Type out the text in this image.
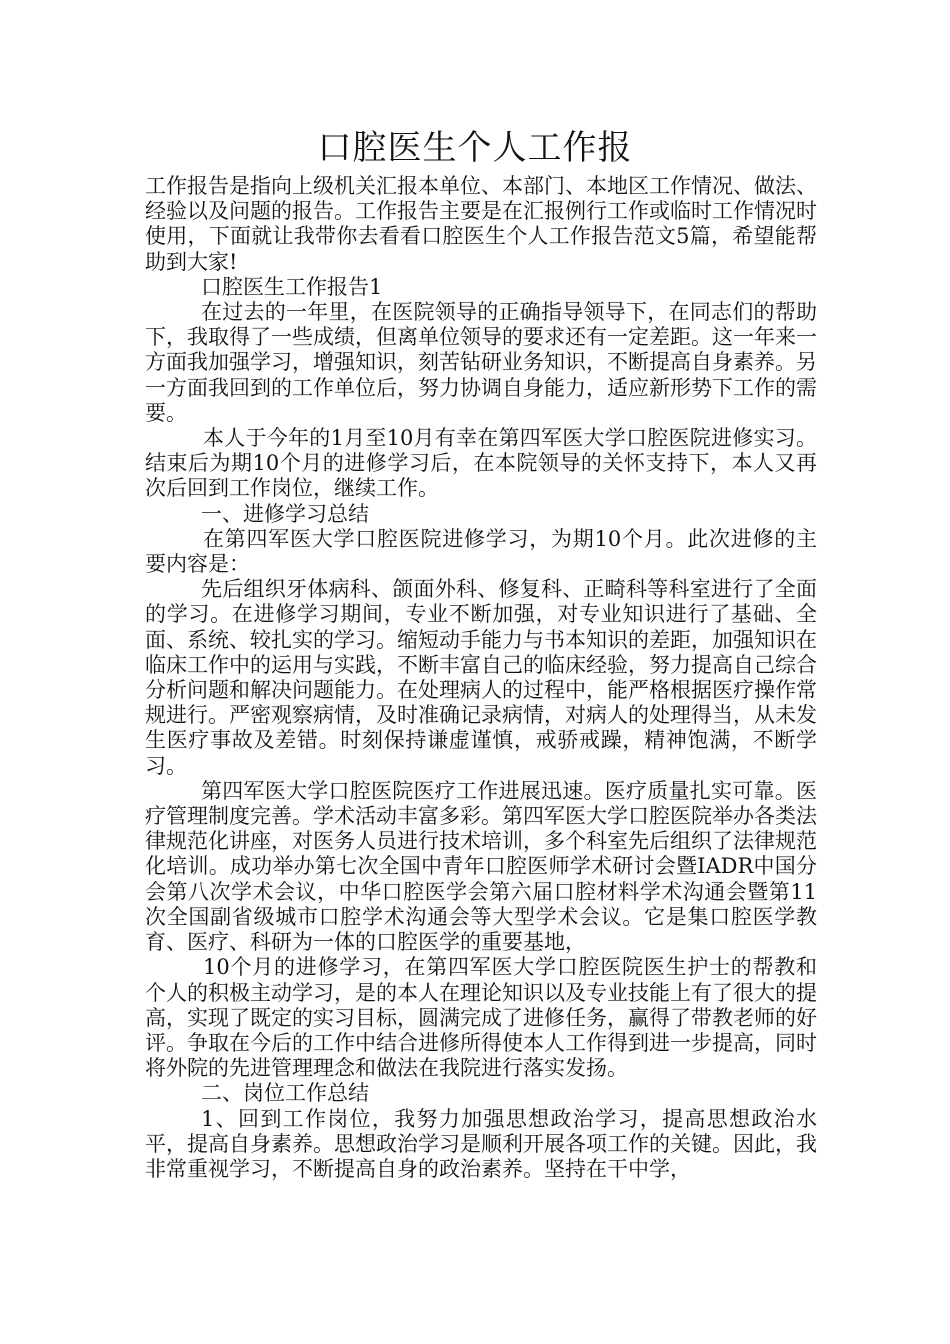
口腔医生个人工作报

工作报告是指向上级机关汇报本单位、本部门、本地区工作情况、做法、经验以及问题的报告。工作报告主要是在汇报例行工作或临时工作情况时使用，下面就让我带你去看看口腔医生个人工作报告范文5篇，希望能帮助到大家!

口腔医生工作报告1

在过去的一年里，在医院领导的正确指导领导下，在同志们的帮助下，我取得了一些成绩，但离单位领导的要求还有一定差距。这一年来一方面我加强学习，增强知识，刻苦钻研业务知识，不断提高自身素养。另一方面我回到的工作单位后，努力协调自身能力，适应新形势下工作的需要。

本人于今年的1月至10月有幸在第四军医大学口腔医院进修实习。结束后为期10个月的进修学习后，在本院领导的关怀支持下，本人又再次后回到工作岗位，继续工作。

一、进修学习总结

在第四军医大学口腔医院进修学习，为期10个月。此次进修的主要内容是：

先后组织牙体病科、颌面外科、修复科、正畸科等科室进行了全面的学习。在进修学习期间，专业不断加强，对专业知识进行了基础、全面、系统、较扎实的学习。缩短动手能力与书本知识的差距，加强知识在临床工作中的运用与实践，不断丰富自己的临床经验，努力提高自己综合分析问题和解决问题能力。在处理病人的过程中，能严格根据医疗操作常规进行。严密观察病情，及时准确记录病情，对病人的处理得当，从未发生医疗事故及差错。时刻保持谦虚谨慎，戒骄戒躁，精神饱满，不断学习。

第四军医大学口腔医院医疗工作进展迅速。医疗质量扎实可靠。医疗管理制度完善。学术活动丰富多彩。第四军医大学口腔医院举办各类法律规范化讲座，对医务人员进行技术培训，多个科室先后组织了法律规范化培训。成功举办第七次全国中青年口腔医师学术研讨会暨IADR中国分会第八次学术会议，中华口腔医学会第六届口腔材料学术沟通会暨第11次全国副省级城市口腔学术沟通会等大型学术会议。它是集口腔医学教育、医疗、科研为一体的口腔医学的重要基地，

10个月的进修学习，在第四军医大学口腔医院医生护士的帮教和个人的积极主动学习，是的本人在理论知识以及专业技能上有了很大的提高，实现了既定的实习目标，圆满完成了进修任务，赢得了带教老师的好评。争取在今后的工作中结合进修所得使本人工作得到进一步提高，同时将外院的先进管理理念和做法在我院进行落实发扬。

二、岗位工作总结

1、回到工作岗位，我努力加强思想政治学习，提高思想政治水平，提高自身素养。思想政治学习是顺利开展各项工作的关键。因此，我非常重视学习，不断提高自身的政治素养。坚持在干中学，
